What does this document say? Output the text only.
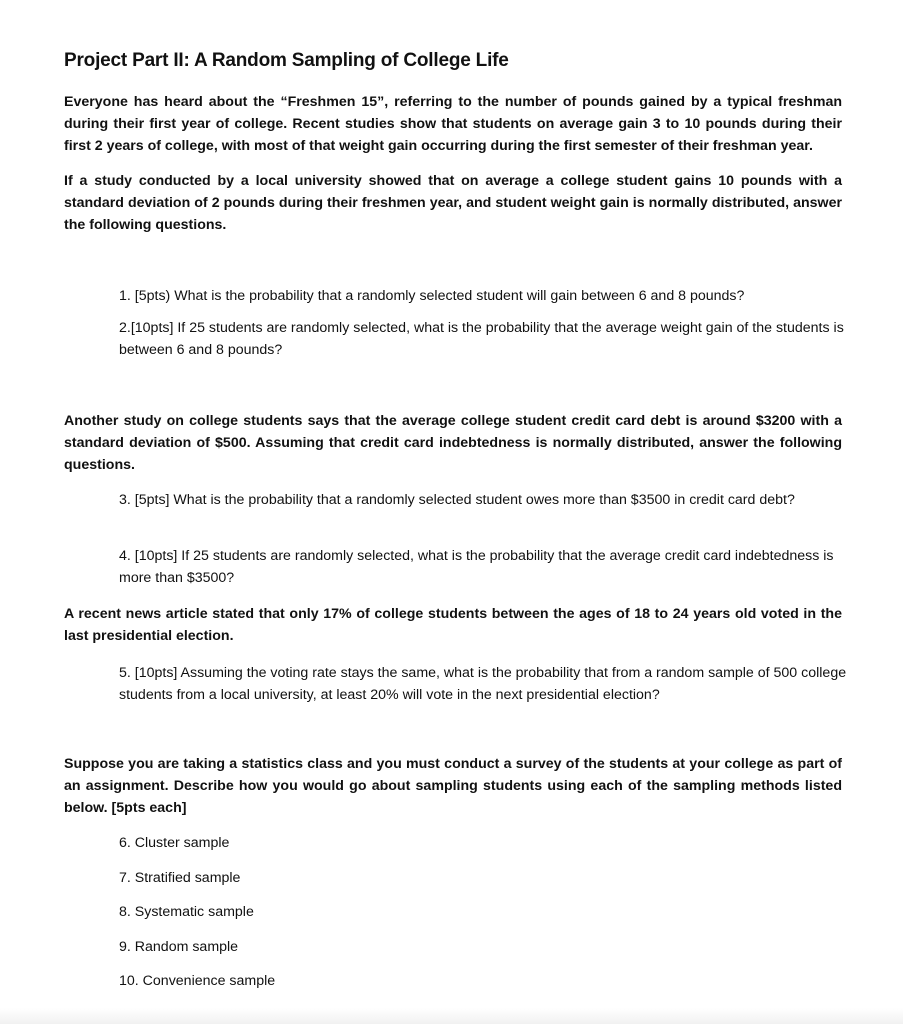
Project Part II: A Random Sampling of College Life

Everyone has heard about the “Freshmen 15”, referring to the number of pounds gained by a typical freshman during their first year of college. Recent studies show that students on average gain 3 to 10 pounds during their first 2 years of college, with most of that weight gain occurring during the first semester of their freshman year.

If a study conducted by a local university showed that on average a college student gains 10 pounds with a standard deviation of 2 pounds during their freshmen year, and student weight gain is normally distributed, answer the following questions.

1. [5pts) What is the probability that a randomly selected student will gain between 6 and 8 pounds?

2.[10pts] If 25 students are randomly selected, what is the probability that the average weight gain of the students is between 6 and 8 pounds?

Another study on college students says that the average college student credit card debt is around $3200 with a standard deviation of $500. Assuming that credit card indebtedness is normally distributed, answer the following questions.

3. [5pts] What is the probability that a randomly selected student owes more than $3500 in credit card debt?

4. [10pts] If 25 students are randomly selected, what is the probability that the average credit card indebtedness is more than $3500?

A recent news article stated that only 17% of college students between the ages of 18 to 24 years old voted in the last presidential election.

5. [10pts] Assuming the voting rate stays the same, what is the probability that from a random sample of 500 college students from a local university, at least 20% will vote in the next presidential election?

Suppose you are taking a statistics class and you must conduct a survey of the students at your college as part of an assignment. Describe how you would go about sampling students using each of the sampling methods listed below. [5pts each]

6. Cluster sample

7. Stratified sample

8. Systematic sample

9. Random sample

10. Convenience sample
